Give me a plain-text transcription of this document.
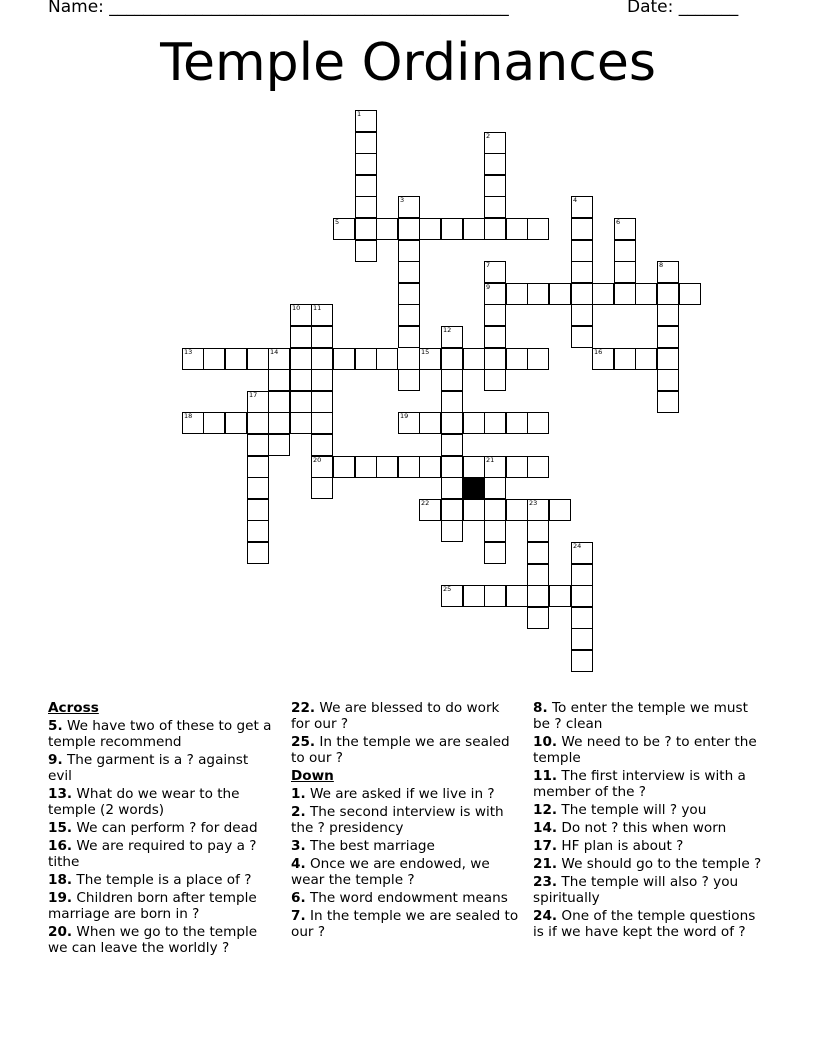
Name: _______________________________________________	Date: _______
Temple Ordinances
1
2
3	4
5	6
7	8
9
10 11
12
13	14	15	16
17
18	19
20	21
22	23
24
25
Across
5. We have two of these to get a temple recommend
9. The garment is a ? against evil
13. What do we wear to the temple (2 words)
15. We can perform ? for dead
16. We are required to pay a ? tithe
18. The temple is a place of ?
19. Children born after temple marriage are born in ?
20. When we go to the temple we can leave the worldly ?
22. We are blessed to do work for our ?
25. In the temple we are sealed to our ?
Down
1. We are asked if we live in ?
2. The second interview is with the ? presidency
3. The best marriage
4. Once we are endowed, we wear the temple ?
6. The word endowment means
7. In the temple we are sealed to our ?
8. To enter the temple we must be ? clean
10. We need to be ? to enter the temple
11. The first interview is with a member of the ?
12. The temple will ? you
14. Do not ? this when worn
17. HF plan is about ?
21. We should go to the temple ?
23. The temple will also ? you spiritually
24. One of the temple questions is if we have kept the word of ?
